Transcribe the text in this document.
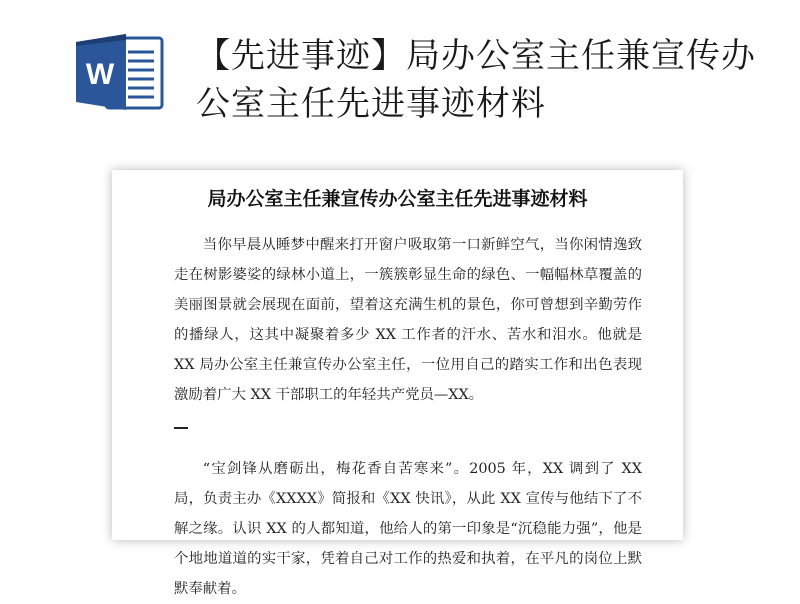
W 【先进事迹】局办公室主任兼宣传办公室主任先进事迹材料
局办公室主任兼宣传办公室主任先进事迹材料

当你早晨从睡梦中醒来打开窗户吸取第一口新鲜空气，当你闲情逸致走在树影婆娑的绿林小道上，一簇簇彰显生命的绿色、一幅幅林草覆盖的美丽图景就会展现在面前，望着这充满生机的景色，你可曾想到辛勤劳作的播绿人，这其中凝聚着多少 XX 工作者的汗水、苦水和泪水。他就是 XX 局办公室主任兼宣传办公室主任，一位用自己的踏实工作和出色表现激励着广大 XX 干部职工的年轻共产党员—XX。

“宝剑锋从磨砺出，梅花香自苦寒来”。2005 年，XX 调到了 XX 局，负责主办《XXXX》简报和《XX 快讯》，从此 XX 宣传与他结下了不解之缘。认识 XX 的人都知道，他给人的第一印象是“沉稳能力强”，他是个地地道道的实干家，凭着自己对工作的热爱和执着，在平凡的岗位上默默奉献着。
